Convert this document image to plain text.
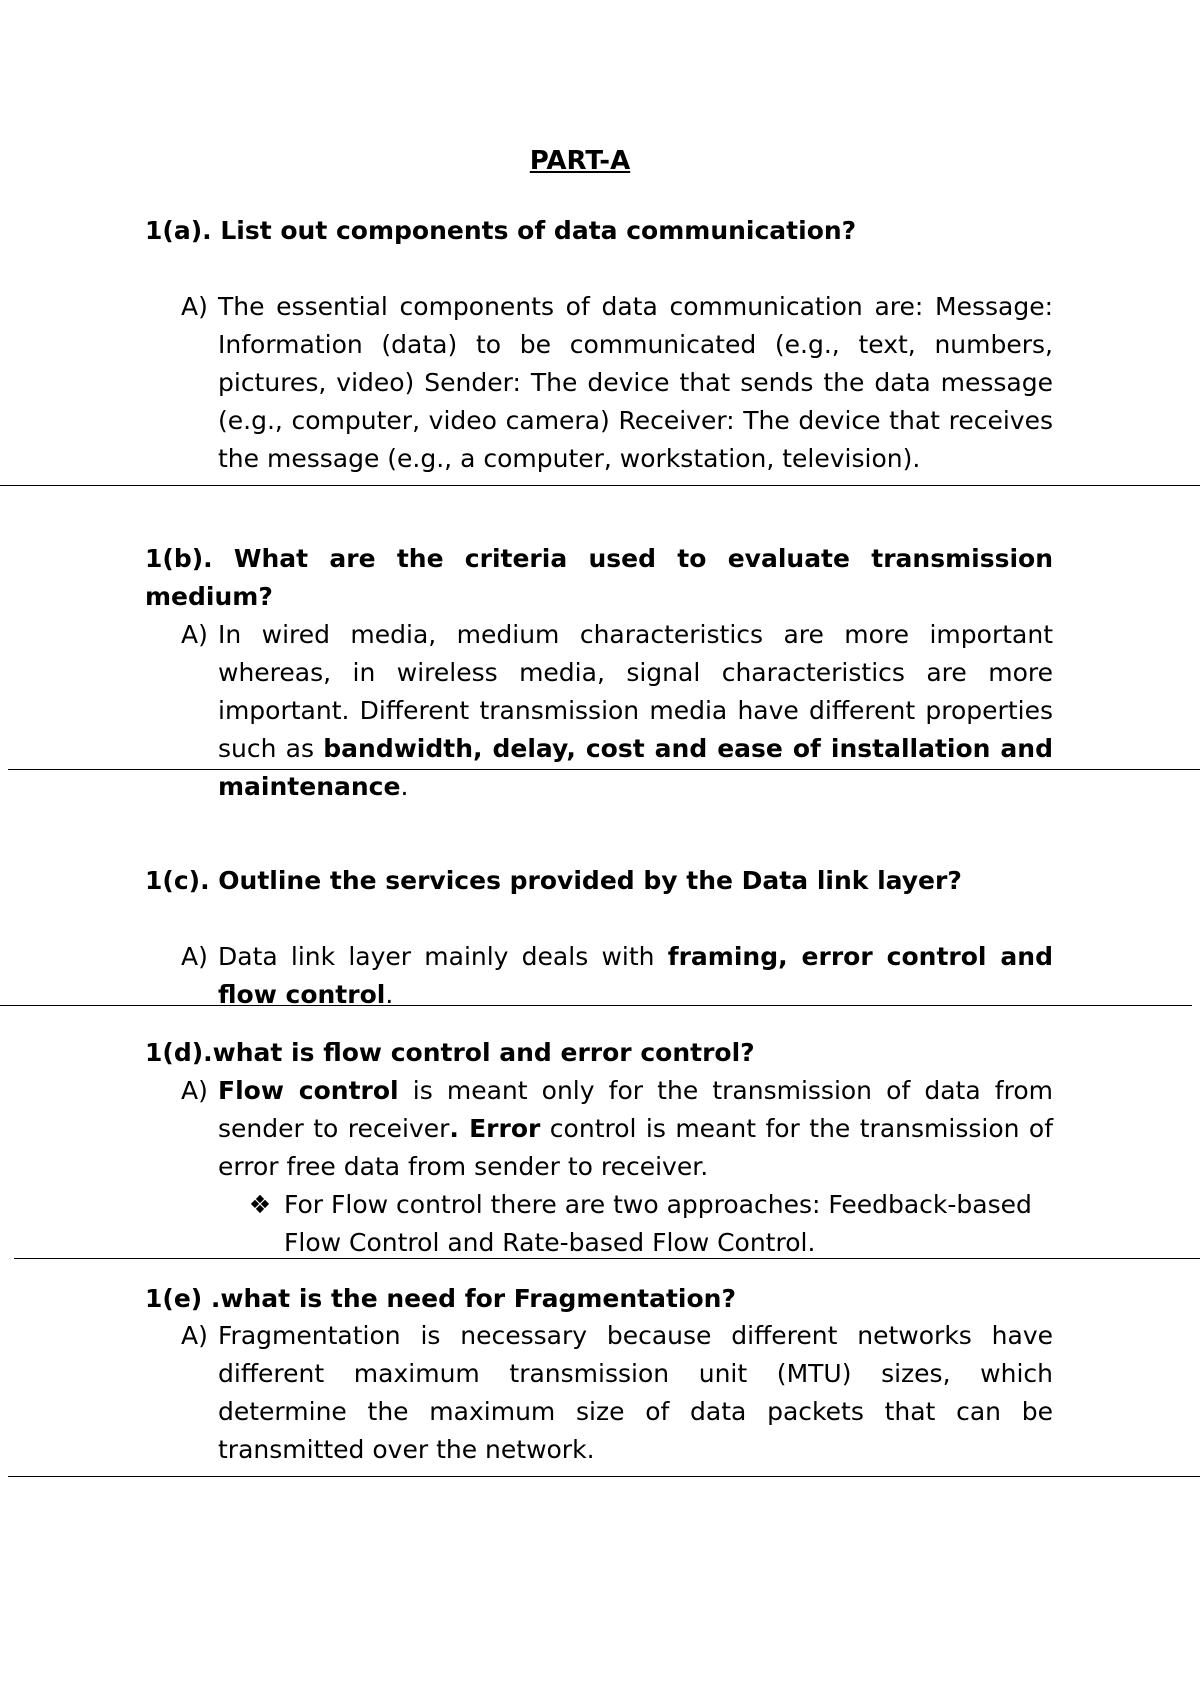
PART-A
1(a). List out components of data communication?
A) The essential components of data communication are: Message: Information (data) to be communicated (e.g., text, numbers, pictures, video) Sender: The device that sends the data message (e.g., computer, video camera) Receiver: The device that receives the message (e.g., a computer, workstation, television).
1(b). What are the criteria used to evaluate transmission medium?
A) In wired media, medium characteristics are more important whereas, in wireless media, signal characteristics are more important. Different transmission media have different properties such as bandwidth, delay, cost and ease of installation and maintenance.
1(c). Outline the services provided by the Data link layer?
A) Data link layer mainly deals with framing, error control and flow control.
1(d).what is flow control and error control?
A) Flow control is meant only for the transmission of data from sender to receiver. Error control is meant for the transmission of error free data from sender to receiver.
❖ For Flow control there are two approaches: Feedback-based Flow Control and Rate-based Flow Control.
1(e) .what is the need for Fragmentation?
A) Fragmentation is necessary because different networks have different maximum transmission unit (MTU) sizes, which determine the maximum size of data packets that can be transmitted over the network.
